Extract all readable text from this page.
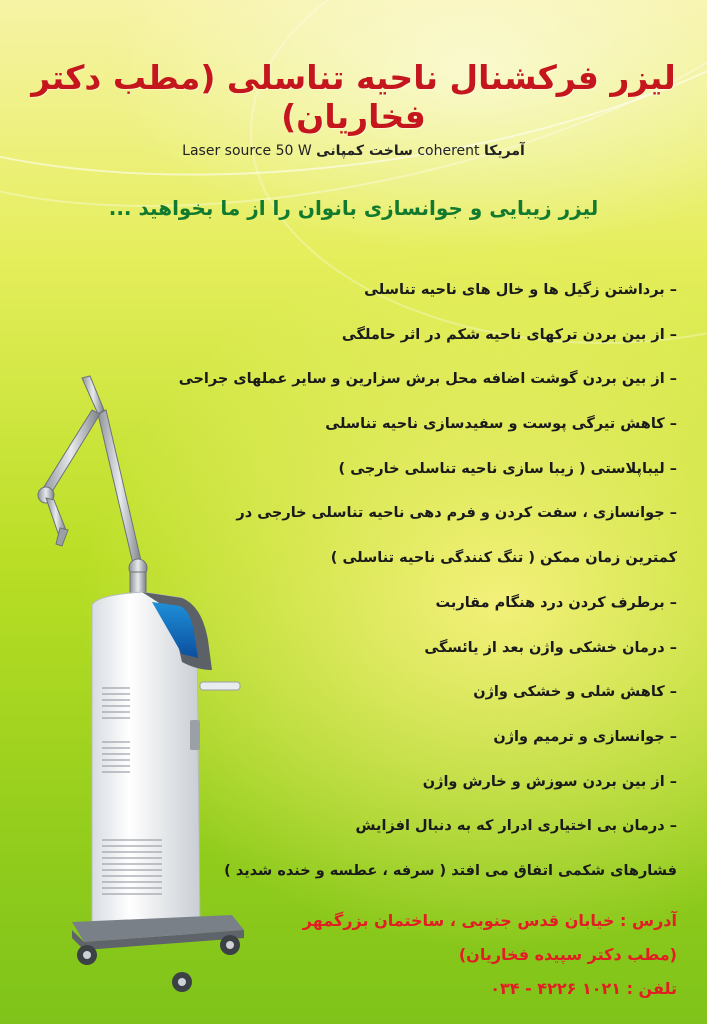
لیزر فرکشنال ناحیه تناسلی (مطب دکتر فخاریان)
Laser source 50 W ساخت کمپانی coherent آمریکا
لیزر زیبایی و جوانسازی بانوان را از ما بخواهید ...
– برداشتن زگیل ها و خال های ناحیه تناسلی
– از بین بردن ترکهای ناحیه شکم در اثر حاملگی
– از بین بردن گوشت اضافه محل برش سزارین و سایر عملهای جراحی
– کاهش تیرگی پوست و سفیدسازی ناحیه تناسلی
– لیباپلاستی ( زیبا سازی ناحیه تناسلی خارجی )
– جوانسازی ، سفت کردن و فرم دهی ناحیه تناسلی خارجی در
کمترین زمان ممکن ( تنگ کنندگی ناحیه تناسلی )
– برطرف کردن درد هنگام مقاربت
– درمان خشکی واژن بعد از یائسگی
– کاهش شلی و خشکی واژن
– جوانسازی و ترمیم واژن
– از بین بردن سوزش و خارش واژن
– درمان بی اختیاری ادرار که به دنبال افزایش
فشارهای شکمی اتفاق می افتد ( سرفه ، عطسه و خنده شدید )
آدرس : خیابان قدس جنوبی ، ساختمان بزرگمهر
(مطب دکتر سپیده فخاریان)
تلفن : ۱۰۲۱ ۴۲۲۶ - ۰۳۴
